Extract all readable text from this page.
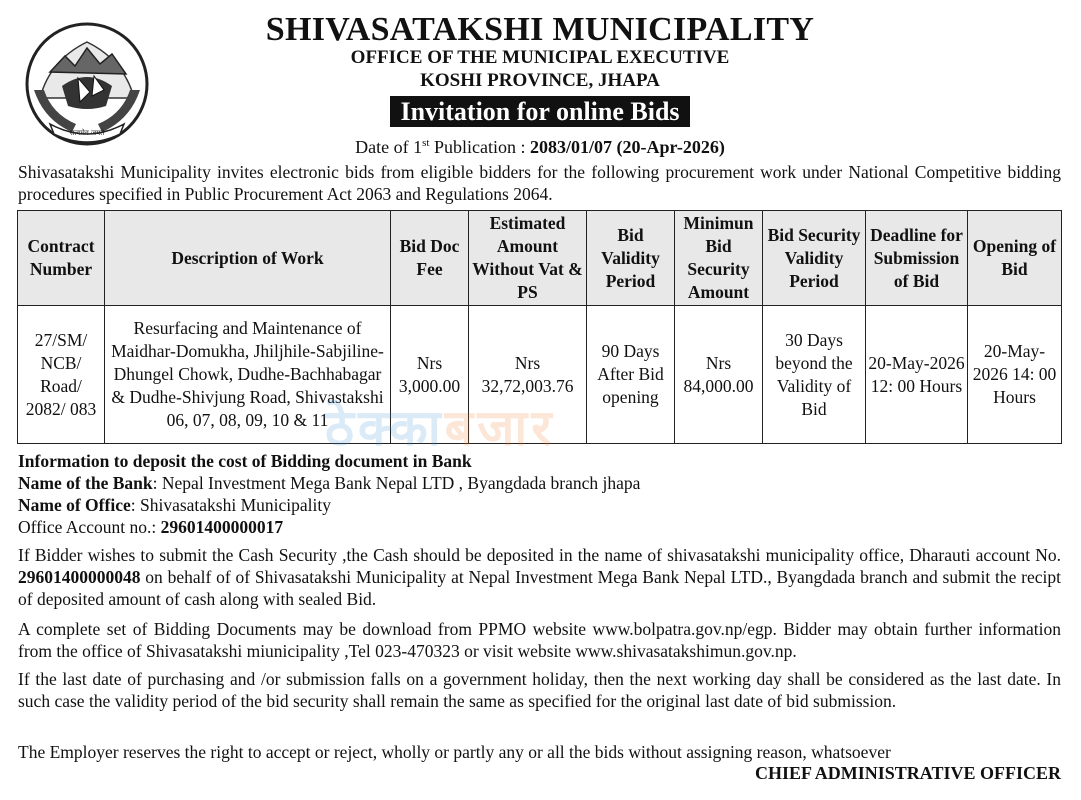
सत्यमेव जयते
SHIVASATAKSHI MUNICIPALITY
OFFICE OF THE MUNICIPAL EXECUTIVE
KOSHI PROVINCE, JHAPA
Invitation for online Bids
Date of 1st Publication : 2083/01/07 (20-Apr-2026)
Shivasatakshi Municipality invites electronic bids from eligible bidders for the following procurement work under National Competitive bidding procedures specified in Public Procurement Act 2063 and Regulations 2064.
Contract Number	Description of Work	Bid Doc Fee	Estimated Amount Without Vat & PS	Bid Validity Period	Minimun Bid Security Amount	Bid Security Validity Period	Deadline for Submission of Bid	Opening of Bid
27/SM/ NCB/ Road/ 2082/ 083	Resurfacing and Maintenance of Maidhar-Domukha, Jhiljhile-Sabjiline-Dhungel Chowk, Dudhe-Bachhabagar & Dudhe-Shivjung Road, Shivastakshi 06, 07, 08, 09, 10 & 11	Nrs 3,000.00	Nrs 32,72,003.76	90 Days After Bid opening	Nrs 84,000.00	30 Days beyond the Validity of Bid	20-May-2026 12: 00 Hours	20-May-2026 14: 00 Hours
ठेक्काबजार
Information to deposit the cost of Bidding document in Bank
Name of the Bank: Nepal Investment Mega Bank Nepal LTD , Byangdada branch jhapa
Name of Office: Shivasatakshi Municipality
Office Account no.: 29601400000017
If Bidder wishes to submit the Cash Security ,the Cash should be deposited in the name of shivasatakshi municipality office, Dharauti account No. 29601400000048 on behalf of of Shivasatakshi Municipality at Nepal Investment Mega Bank Nepal LTD., Byangdada branch and submit the recipt of deposited amount of cash along with sealed Bid.
A complete set of Bidding Documents may be download from PPMO website www.bolpatra.gov.np/egp. Bidder may obtain further information from the office of Shivasatakshi miunicipality ,Tel 023-470323 or visit website www.shivasatakshimun.gov.np.
If the last date of purchasing and /or submission falls on a government holiday, then the next working day shall be considered as the last date. In such case the validity period of the bid security shall remain the same as specified for the original last date of bid submission.
The Employer reserves the right to accept or reject, wholly or partly any or all the bids without assigning reason, whatsoever
CHIEF ADMINISTRATIVE OFFICER
